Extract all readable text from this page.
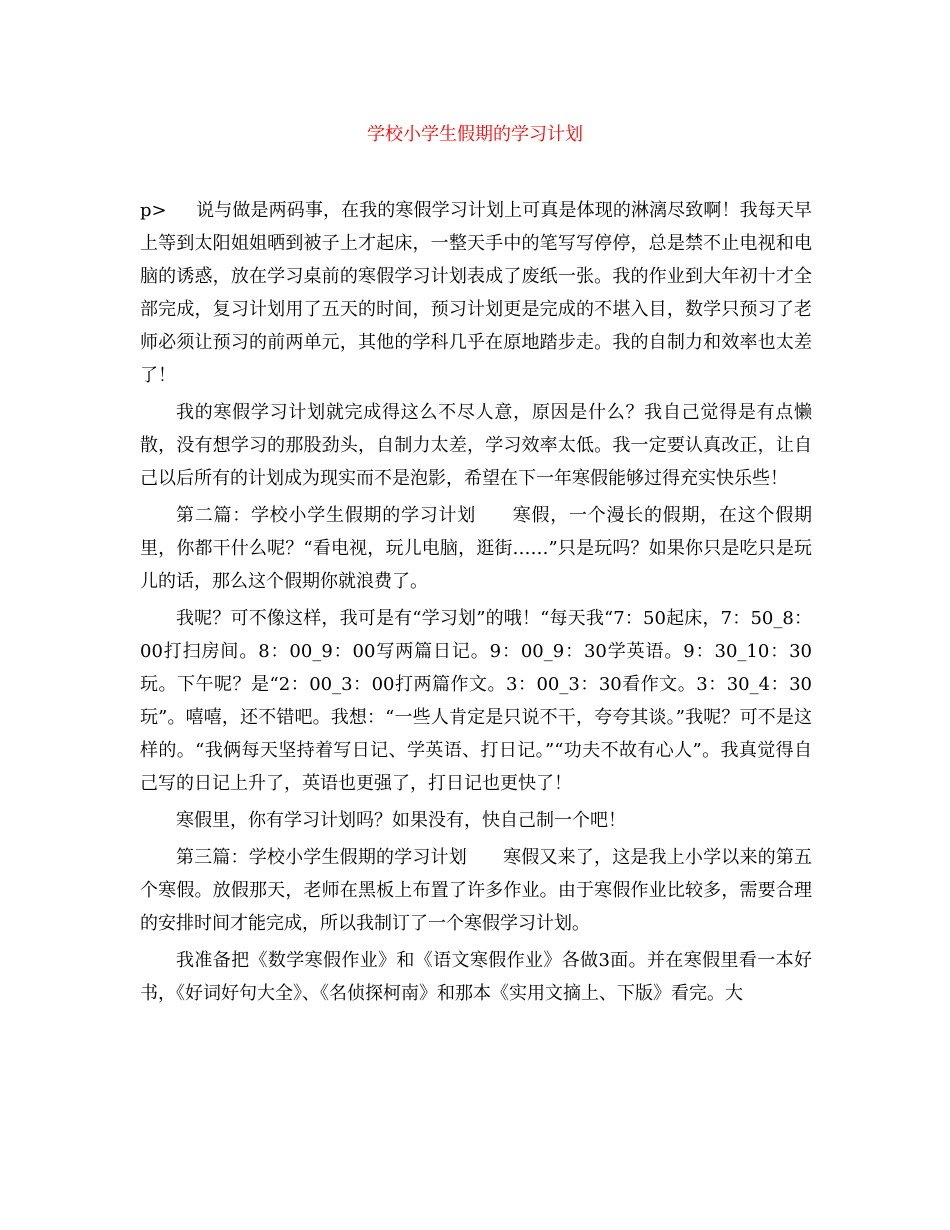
学校小学生假期的学习计划

p> 说与做是两码事，在我的寒假学习计划上可真是体现的淋漓尽致啊！我每天早上等到太阳姐姐晒到被子上才起床，一整天手中的笔写写停停，总是禁不止电视和电脑的诱惑，放在学习桌前的寒假学习计划表成了废纸一张。我的作业到大年初十才全部完成，复习计划用了五天的时间，预习计划更是完成的不堪入目，数学只预习了老师必须让预习的前两单元，其他的学科几乎在原地踏步走。我的自制力和效率也太差了！

我的寒假学习计划就完成得这么不尽人意，原因是什么？我自己觉得是有点懒散，没有想学习的那股劲头，自制力太差，学习效率太低。我一定要认真改正，让自己以后所有的计划成为现实而不是泡影，希望在下一年寒假能够过得充实快乐些！

第二篇：学校小学生假期的学习计划 寒假，一个漫长的假期，在这个假期里，你都干什么呢？“看电视，玩儿电脑，逛街……”只是玩吗？如果你只是吃只是玩儿的话，那么这个假期你就浪费了。

我呢？可不像这样，我可是有“学习划”的哦！“每天我“7：50起床，7：50_8：00打扫房间。8：00_9：00写两篇日记。9：00_9：30学英语。9：30_10：30玩。下午呢？是“2：00_3：00打两篇作文。3：00_3：30看作文。3：30_4：30玩”。嘻嘻，还不错吧。我想：“一些人肯定是只说不干，夸夸其谈。”我呢？可不是这样的。“我俩每天坚持着写日记、学英语、打日记。”“功夫不故有心人”。我真觉得自己写的日记上升了，英语也更强了，打日记也更快了！

寒假里，你有学习计划吗？如果没有，快自己制一个吧！

第三篇：学校小学生假期的学习计划 寒假又来了，这是我上小学以来的第五个寒假。放假那天，老师在黑板上布置了许多作业。由于寒假作业比较多，需要合理的安排时间才能完成，所以我制订了一个寒假学习计划。

我准备把《数学寒假作业》和《语文寒假作业》各做3面。并在寒假里看一本好书，《好词好句大全》、《名侦探柯南》和那本《实用文摘上、下版》看完。大
